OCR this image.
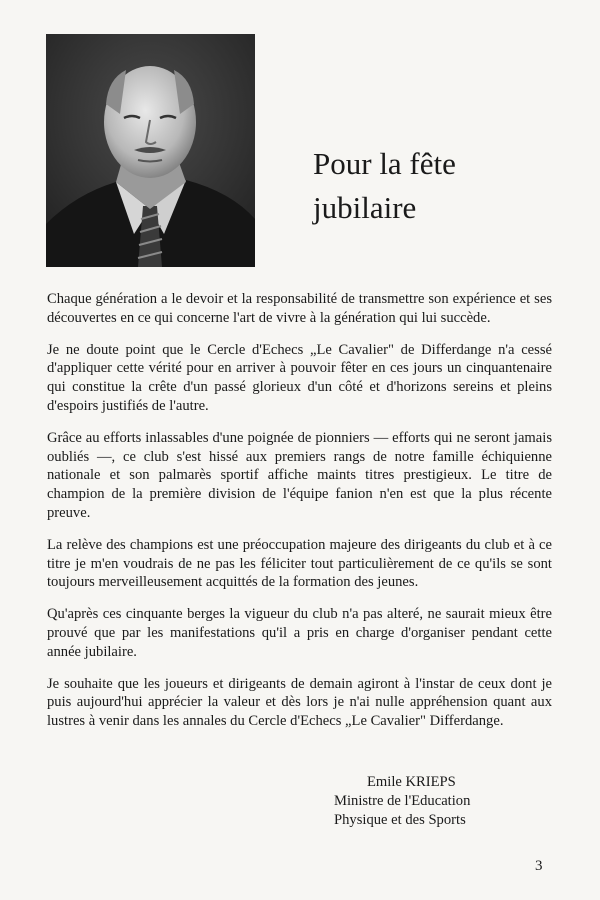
Pour la fête
jubilaire

Chaque génération a le devoir et la responsabilité de transmettre son expérience et ses découvertes en ce qui concerne l'art de vivre à la génération qui lui succède.

Je ne doute point que le Cercle d'Echecs „Le Cavalier" de Differdange n'a cessé d'appliquer cette vérité pour en arriver à pouvoir fêter en ces jours un cinquantenaire qui constitue la crête d'un passé glorieux d'un côté et d'horizons sereins et pleins d'espoirs justifiés de l'autre.

Grâce au efforts inlassables d'une poignée de pionniers — efforts qui ne seront jamais oubliés —, ce club s'est hissé aux premiers rangs de notre famille échiquienne nationale et son palmarès sportif affiche maints titres prestigieux. Le titre de champion de la première division de l'équipe fanion n'en est que la plus récente preuve.

La relève des champions est une préoccupation majeure des dirigeants du club et à ce titre je m'en voudrais de ne pas les féliciter tout particulièrement de ce qu'ils se sont toujours merveilleusement acquittés de la formation des jeunes.

Qu'après ces cinquante berges la vigueur du club n'a pas alteré, ne saurait mieux être prouvé que par les manifestations qu'il a pris en charge d'organiser pendant cette année jubilaire.

Je souhaite que les joueurs et dirigeants de demain agiront à l'instar de ceux dont je puis aujourd'hui apprécier la valeur et dès lors je n'ai nulle appréhension quant aux lustres à venir dans les annales du Cercle d'Echecs „Le Cavalier" Differdange.

Emile KRIEPS
Ministre de l'Education
Physique et des Sports
3
